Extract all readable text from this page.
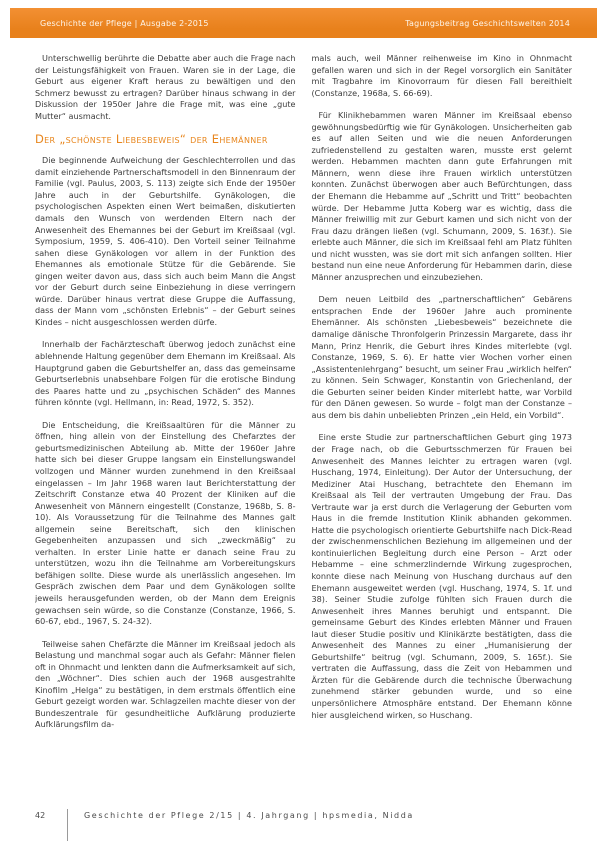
Geschichte der Pflege | Ausgabe 2-2015	Tagungsbeitrag Geschichtswelten 2014

Unterschwellig berührte die Debatte aber auch die Frage nach der Leistungsfähigkeit von Frauen. Waren sie in der Lage, die Geburt aus eigener Kraft heraus zu bewältigen und den Schmerz bewusst zu ertragen? Darüber hinaus schwang in der Diskussion der 1950er Jahre die Frage mit, was eine „gute Mutter“ ausmacht.

Der „schönste Liebesbeweis“ der Ehemänner

Die beginnende Aufweichung der Geschlechterrollen und das damit einziehende Partnerschaftsmodell in den Binnenraum der Familie (vgl. Paulus, 2003, S. 113) zeigte sich Ende der 1950er Jahre auch in der Geburtshilfe. Gynäkologen, die psychologischen Aspekten einen Wert beimaßen, diskutierten damals den Wunsch von werdenden Eltern nach der Anwesenheit des Ehemannes bei der Geburt im Kreißsaal (vgl. Symposium, 1959, S. 406-410). Den Vorteil seiner Teilnahme sahen diese Gynäkologen vor allem in der Funktion des Ehemannes als emotionale Stütze für die Gebärende. Sie gingen weiter davon aus, dass sich auch beim Mann die Angst vor der Geburt durch seine Einbeziehung in diese verringern würde. Darüber hinaus vertrat diese Gruppe die Auffassung, dass der Mann vom „schönsten Erlebnis“ – der Geburt seines Kindes – nicht ausgeschlossen werden dürfe.

Innerhalb der Fachärzteschaft überwog jedoch zunächst eine ablehnende Haltung gegenüber dem Ehemann im Kreißsaal. Als Hauptgrund gaben die Geburtshelfer an, dass das gemeinsame Geburtserlebnis unabsehbare Folgen für die erotische Bindung des Paares hatte und zu „psychischen Schäden“ des Mannes führen könnte (vgl. Hellmann, in: Read, 1972, S. 352).

Die Entscheidung, die Kreißsaaltüren für die Männer zu öffnen, hing allein von der Einstellung des Chefarztes der geburtsmedizinischen Abteilung ab. Mitte der 1960er Jahre hatte sich bei dieser Gruppe langsam ein Einstellungswandel vollzogen und Männer wurden zunehmend in den Kreißsaal eingelassen – Im Jahr 1968 waren laut Berichterstattung der Zeitschrift Constanze etwa 40 Prozent der Kliniken auf die Anwesenheit von Männern eingestellt (Constanze, 1968b, S. 8-10). Als Voraussetzung für die Teilnahme des Mannes galt allgemein seine Bereitschaft, sich den klinischen Gegebenheiten anzupassen und sich „zweckmäßig“ zu verhalten. In erster Linie hatte er danach seine Frau zu unterstützen, wozu ihn die Teilnahme am Vorbereitungskurs befähigen sollte. Diese wurde als unerlässlich angesehen. Im Gespräch zwischen dem Paar und dem Gynäkologen sollte jeweils herausgefunden werden, ob der Mann dem Ereignis gewachsen sein würde, so die Constanze (Constanze, 1966, S. 60-67, ebd., 1967, S. 24-32).

Teilweise sahen Chefärzte die Männer im Kreißsaal jedoch als Belastung und manchmal sogar auch als Gefahr: Männer fielen oft in Ohnmacht und lenkten dann die Aufmerksamkeit auf sich, den „Wöchner“. Dies schien auch der 1968 ausgestrahlte Kinofilm „Helga“ zu bestätigen, in dem erstmals öffentlich eine Geburt gezeigt worden war. Schlagzeilen machte dieser von der Bundeszentrale für gesundheitliche Aufklärung produzierte Aufklärungsfilm da-

mals auch, weil Männer reihenweise im Kino in Ohnmacht gefallen waren und sich in der Regel vorsorglich ein Sanitäter mit Tragbahre im Kinovorraum für diesen Fall bereithielt (Constanze, 1968a, S. 66-69).

Für Klinikhebammen waren Männer im Kreißsaal ebenso gewöhnungsbedürftig wie für Gynäkologen. Unsicherheiten gab es auf allen Seiten und wie die neuen Anforderungen zufriedenstellend zu gestalten waren, musste erst gelernt werden. Hebammen machten dann gute Erfahrungen mit Männern, wenn diese ihre Frauen wirklich unterstützen konnten. Zunächst überwogen aber auch Befürchtungen, dass der Ehemann die Hebamme auf „Schritt und Tritt“ beobachten würde. Der Hebamme Jutta Koberg war es wichtig, dass die Männer freiwillig mit zur Geburt kamen und sich nicht von der Frau dazu drängen ließen (vgl. Schumann, 2009, S. 163f.). Sie erlebte auch Männer, die sich im Kreißsaal fehl am Platz fühlten und nicht wussten, was sie dort mit sich anfangen sollten. Hier bestand nun eine neue Anforderung für Hebammen darin, diese Männer anzusprechen und einzubeziehen.

Dem neuen Leitbild des „partnerschaftlichen“ Gebärens entsprachen Ende der 1960er Jahre auch prominente Ehemänner. Als schönsten „Liebesbeweis“ bezeichnete die damalige dänische Thronfolgerin Prinzessin Margarete, dass ihr Mann, Prinz Henrik, die Geburt ihres Kindes miterlebte (vgl. Constanze, 1969, S. 6). Er hatte vier Wochen vorher einen „Assistentenlehrgang“ besucht, um seiner Frau „wirklich helfen“ zu können. Sein Schwager, Konstantin von Griechenland, der die Geburten seiner beiden Kinder miterlebt hatte, war Vorbild für den Dänen gewesen. So wurde – folgt man der Constanze – aus dem bis dahin unbeliebten Prinzen „ein Held, ein Vorbild“.

Eine erste Studie zur partnerschaftlichen Geburt ging 1973 der Frage nach, ob die Geburtsschmerzen für Frauen bei Anwesenheit des Mannes leichter zu ertragen waren (vgl. Huschang, 1974, Einleitung). Der Autor der Untersuchung, der Mediziner Atai Huschang, betrachtete den Ehemann im Kreißsaal als Teil der vertrauten Umgebung der Frau. Das Vertraute war ja erst durch die Verlagerung der Geburten vom Haus in die fremde Institution Klinik abhanden gekommen. Hatte die psychologisch orientierte Geburtshilfe nach Dick-Read der zwischenmenschlichen Beziehung im allgemeinen und der kontinuierlichen Begleitung durch eine Person – Arzt oder Hebamme – eine schmerzlindernde Wirkung zugesprochen, konnte diese nach Meinung von Huschang durchaus auf den Ehemann ausgeweitet werden (vgl. Huschang, 1974, S. 1f. und 38). Seiner Studie zufolge fühlten sich Frauen durch die Anwesenheit ihres Mannes beruhigt und entspannt. Die gemeinsame Geburt des Kindes erlebten Männer und Frauen laut dieser Studie positiv und Klinikärzte bestätigten, dass die Anwesenheit des Mannes zu einer „Humanisierung der Geburtshilfe“ beitrug (vgl. Schumann, 2009, S. 165f.). Sie vertraten die Auffassung, dass die Zeit von Hebammen und Ärzten für die Gebärende durch die technische Überwachung zunehmend stärker gebunden wurde, und so eine unpersönlichere Atmosphäre entstand. Der Ehemann könne hier ausgleichend wirken, so Huschang.

42	Geschichte der Pflege 2/15 | 4. Jahrgang | hpsmedia, Nidda
